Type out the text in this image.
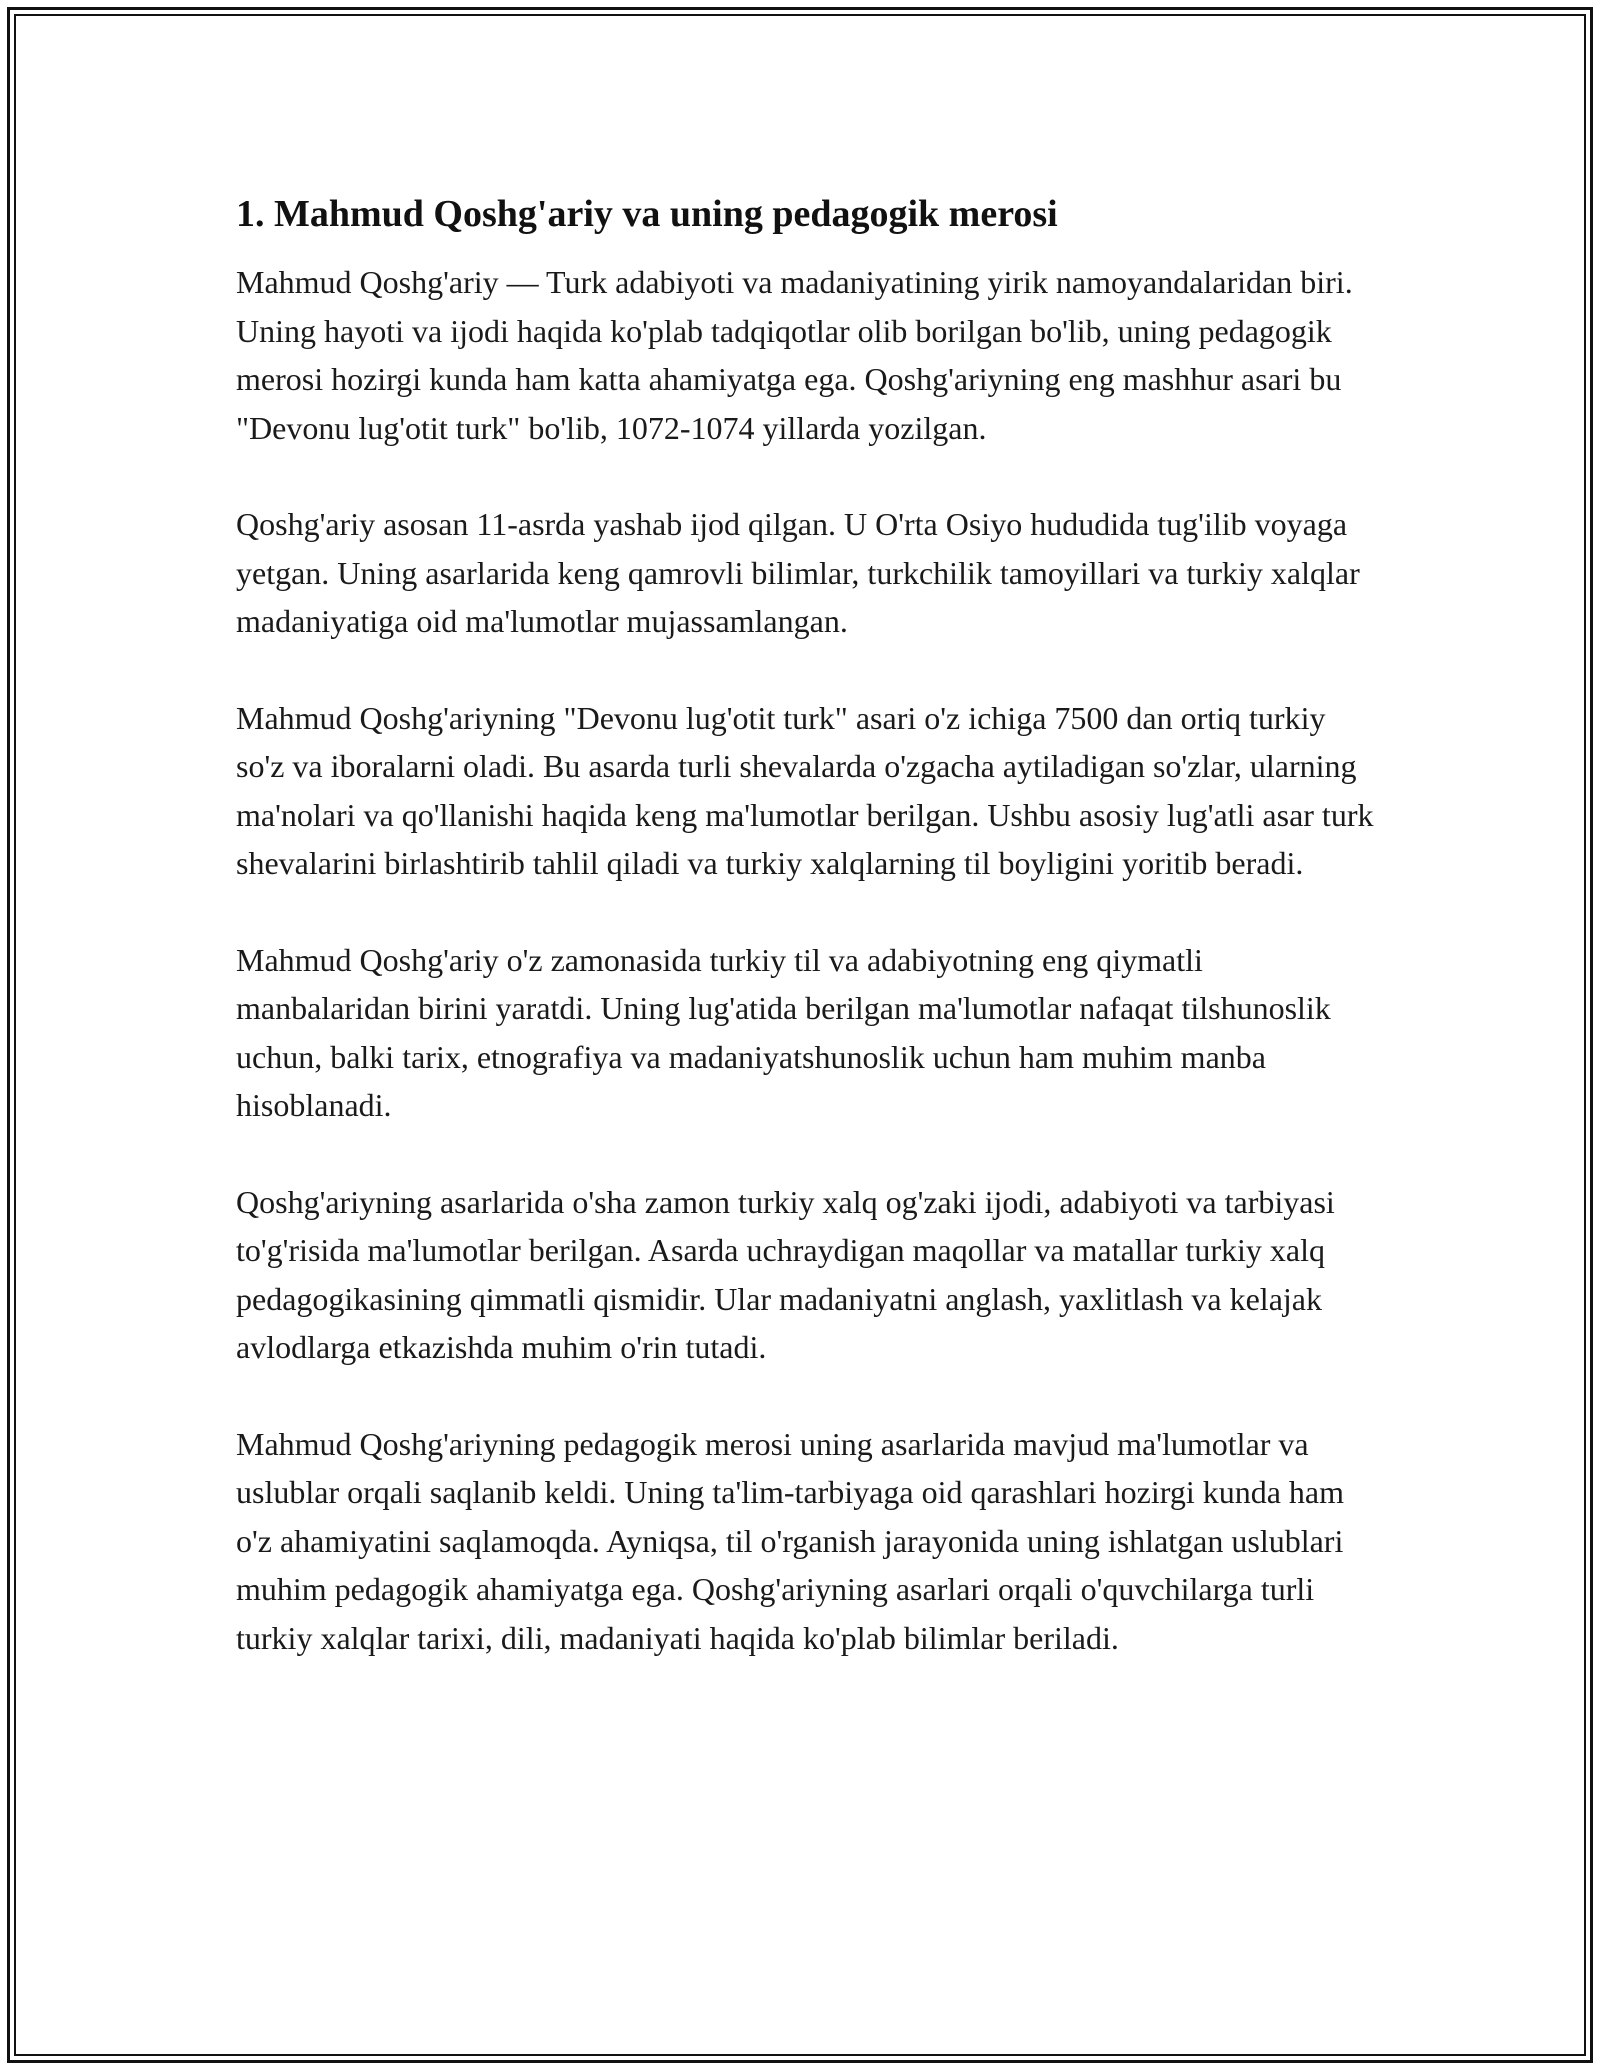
1. Mahmud Qoshg'ariy va uning pedagogik merosi

Mahmud Qoshg'ariy — Turk adabiyoti va madaniyatining yirik namoyandalaridan biri. Uning hayoti va ijodi haqida ko'plab tadqiqotlar olib borilgan bo'lib, uning pedagogik merosi hozirgi kunda ham katta ahamiyatga ega. Qoshg'ariyning eng mashhur asari bu "Devonu lug'otit turk" bo'lib, 1072-1074 yillarda yozilgan.

Qoshg'ariy asosan 11-asrda yashab ijod qilgan. U O'rta Osiyo hududida tug'ilib voyaga yetgan. Uning asarlarida keng qamrovli bilimlar, turkchilik tamoyillari va turkiy xalqlar madaniyatiga oid ma'lumotlar mujassamlangan.

Mahmud Qoshg'ariyning "Devonu lug'otit turk" asari o'z ichiga 7500 dan ortiq turkiy so'z va iboralarni oladi. Bu asarda turli shevalarda o'zgacha aytiladigan so'zlar, ularning ma'nolari va qo'llanishi haqida keng ma'lumotlar berilgan. Ushbu asosiy lug'atli asar turk shevalarini birlashtirib tahlil qiladi va turkiy xalqlarning til boyligini yoritib beradi.

Mahmud Qoshg'ariy o'z zamonasida turkiy til va adabiyotning eng qiymatli manbalaridan birini yaratdi. Uning lug'atida berilgan ma'lumotlar nafaqat tilshunoslik uchun, balki tarix, etnografiya va madaniyatshunoslik uchun ham muhim manba hisoblanadi.

Qoshg'ariyning asarlarida o'sha zamon turkiy xalq og'zaki ijodi, adabiyoti va tarbiyasi to'g'risida ma'lumotlar berilgan. Asarda uchraydigan maqollar va matallar turkiy xalq pedagogikasining qimmatli qismidir. Ular madaniyatni anglash, yaxlitlash va kelajak avlodlarga etkazishda muhim o'rin tutadi.

Mahmud Qoshg'ariyning pedagogik merosi uning asarlarida mavjud ma'lumotlar va uslublar orqali saqlanib keldi. Uning ta'lim-tarbiyaga oid qarashlari hozirgi kunda ham o'z ahamiyatini saqlamoqda. Ayniqsa, til o'rganish jarayonida uning ishlatgan uslublari muhim pedagogik ahamiyatga ega. Qoshg'ariyning asarlari orqali o'quvchilarga turli turkiy xalqlar tarixi, dili, madaniyati haqida ko'plab bilimlar beriladi.
